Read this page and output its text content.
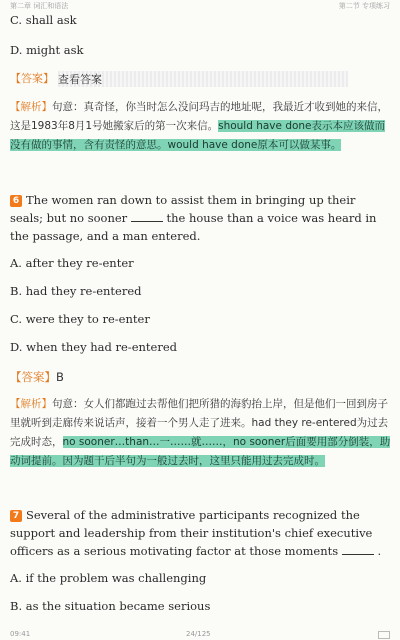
第二章 词汇和语法	第二节 专项练习

C. shall ask

D. might ask

【答案】 查看答案
【解析】句意：真奇怪，你当时怎么没问玛吉的地址呢，我最近才收到她的来信，这是1983年8月1号她搬家后的第一次来信。should have done表示本应该做而没有做的事情，含有责怪的意思。would have done原本可以做某事。
6 The women ran down to assist them in bringing up their seals; but no sooner	the house than a voice was heard in the passage, and a man entered.

A. after they re-enter

B. had they re-entered

C. were they to re-enter

D. when they had re-entered

【答案】B
【解析】句意：女人们都跑过去帮他们把所猎的海豹抬上岸，但是他们一回到房子里就听到走廊传来说话声，接着一个男人走了进来。had they re-entered为过去完成时态，no sooner…than…一……就……，no sooner后面要用部分倒装，助动词提前。因为题干后半句为一般过去时，这里只能用过去完成时。
7 Several of the administrative participants recognized the support and leadership from their institution's chief executive officers as a serious motivating factor at those moments	.

A. if the problem was challenging

B. as the situation became serious

09:41	24/125
